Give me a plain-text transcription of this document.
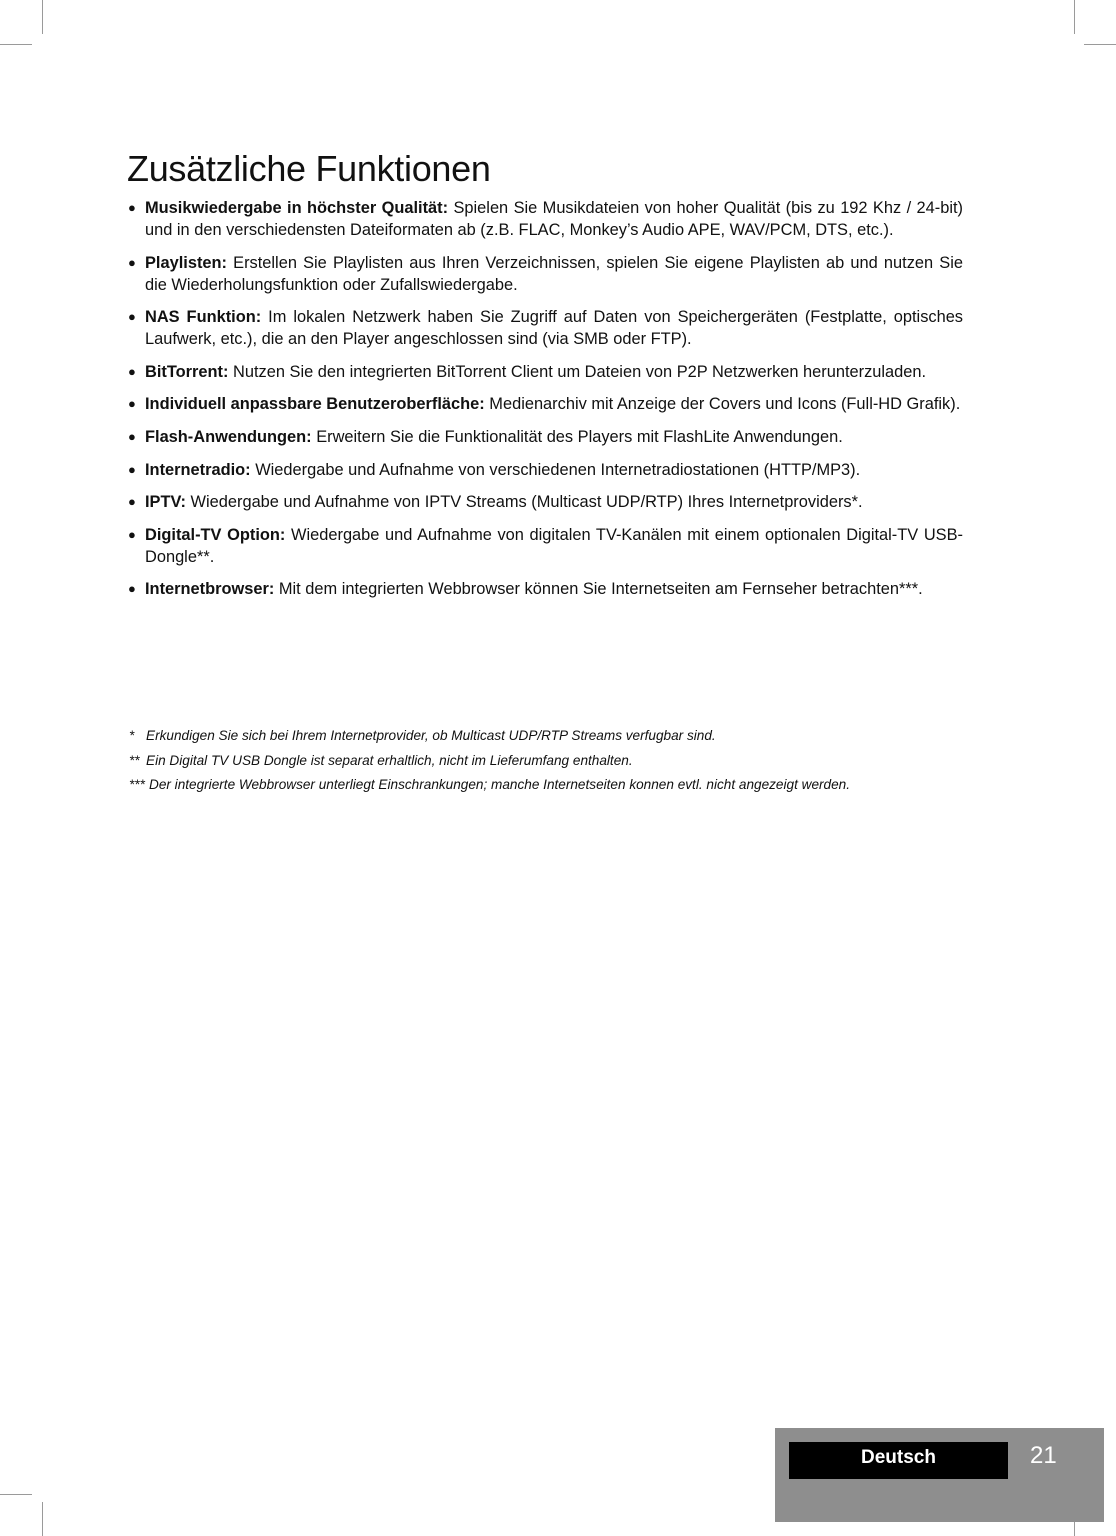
Zusätzliche Funktionen
● Musikwiedergabe in höchster Qualität: Spielen Sie Musikdateien von hoher Qualität (bis zu 192 Khz / 24-bit) und in den verschiedensten Dateiformaten ab (z.B. FLAC, Monkey’s Audio APE, WAV/PCM, DTS, etc.).
● Playlisten: Erstellen Sie Playlisten aus Ihren Verzeichnissen, spielen Sie eigene Playlisten ab und nutzen Sie die Wiederholungsfunktion oder Zufallswiedergabe.
● NAS Funktion: Im lokalen Netzwerk haben Sie Zugriff auf Daten von Speichergeräten (Festplatte, optisches Laufwerk, etc.), die an den Player angeschlossen sind (via SMB oder FTP).
● BitTorrent: Nutzen Sie den integrierten BitTorrent Client um Dateien von P2P Netzwerken herunterzuladen.
● Individuell anpassbare Benutzeroberfläche: Medienarchiv mit Anzeige der Covers und Icons (Full-HD Grafik).
● Flash-Anwendungen: Erweitern Sie die Funktionalität des Players mit FlashLite Anwendungen.
● Internetradio: Wiedergabe und Aufnahme von verschiedenen Internetradiostationen (HTTP/MP3).
● IPTV: Wiedergabe und Aufnahme von IPTV Streams (Multicast UDP/RTP) Ihres Internetproviders*.
● Digital-TV Option: Wiedergabe und Aufnahme von digitalen TV-Kanälen mit einem optionalen Digital-TV USB-Dongle**.
● Internetbrowser: Mit dem integrierten Webbrowser können Sie Internetseiten am Fernseher betrachten***.
* Erkundigen Sie sich bei Ihrem Internetprovider, ob Multicast UDP/RTP Streams verfugbar sind.
** Ein Digital TV USB Dongle ist separat erhaltlich, nicht im Lieferumfang enthalten.
*** Der integrierte Webbrowser unterliegt Einschrankungen; manche Internetseiten konnen evtl. nicht angezeigt werden.
Deutsch	21
